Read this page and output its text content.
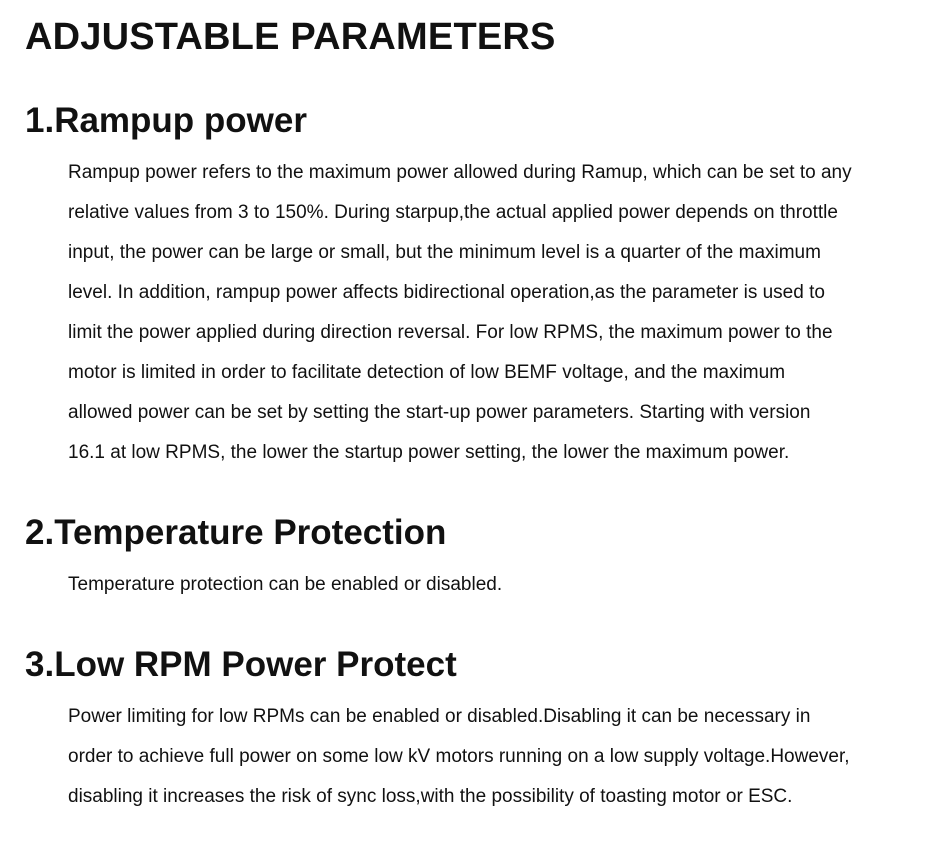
ADJUSTABLE PARAMETERS
1.Rampup power
Rampup power refers to the maximum power allowed during Ramup, which can be set to any
relative values from 3 to 150%. During starpup,the actual applied power depends on throttle
input, the power can be large or small, but the minimum level is a quarter of the maximum
level. In addition, rampup power affects bidirectional operation,as the parameter is used to
limit the power applied during direction reversal. For low RPMS, the maximum power to the
motor is limited in order to facilitate detection of low BEMF voltage, and the maximum
allowed power can be set by setting the start-up power parameters. Starting with version
16.1 at low RPMS, the lower the startup power setting, the lower the maximum power.
2.Temperature Protection
Temperature protection can be enabled or disabled.
3.Low RPM Power Protect
Power limiting for low RPMs can be enabled or disabled.Disabling it can be necessary in
order to achieve full power on some low kV motors running on a low supply voltage.However,
disabling it increases the risk of sync loss,with the possibility of toasting motor or ESC.
